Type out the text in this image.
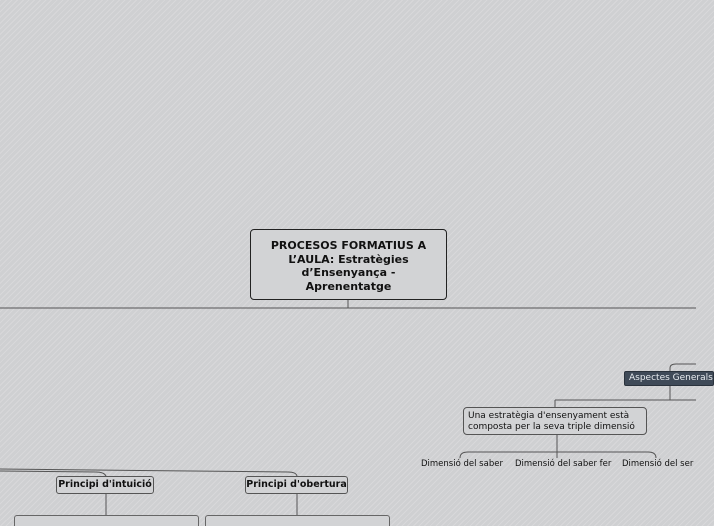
PROCESOS FORMATIUS A
L’AULA: Estratègies
d’Ensenyança -
Aprenentatge
Aspectes Generals
Una estratègia d'ensenyament està
composta per la seva triple dimensió
Dimensió del saber Dimensió del saber fer Dimensió del ser
Principi d'intuició	Principi d'obertura
